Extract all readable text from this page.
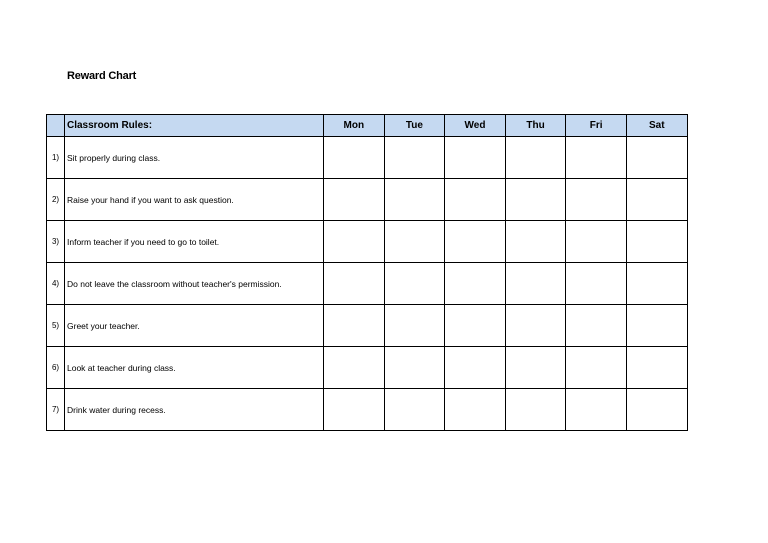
Reward Chart
	Classroom Rules:	Mon	Tue	Wed	Thu	Fri	Sat
1)	Sit properly during class.						
2)	Raise your hand if you want to ask question.						
3)	Inform teacher if you need to go to toilet.						
4)	Do not leave the classroom without teacher's permission.						
5)	Greet your teacher.						
6)	Look at teacher during class.						
7)	Drink water during recess.						
